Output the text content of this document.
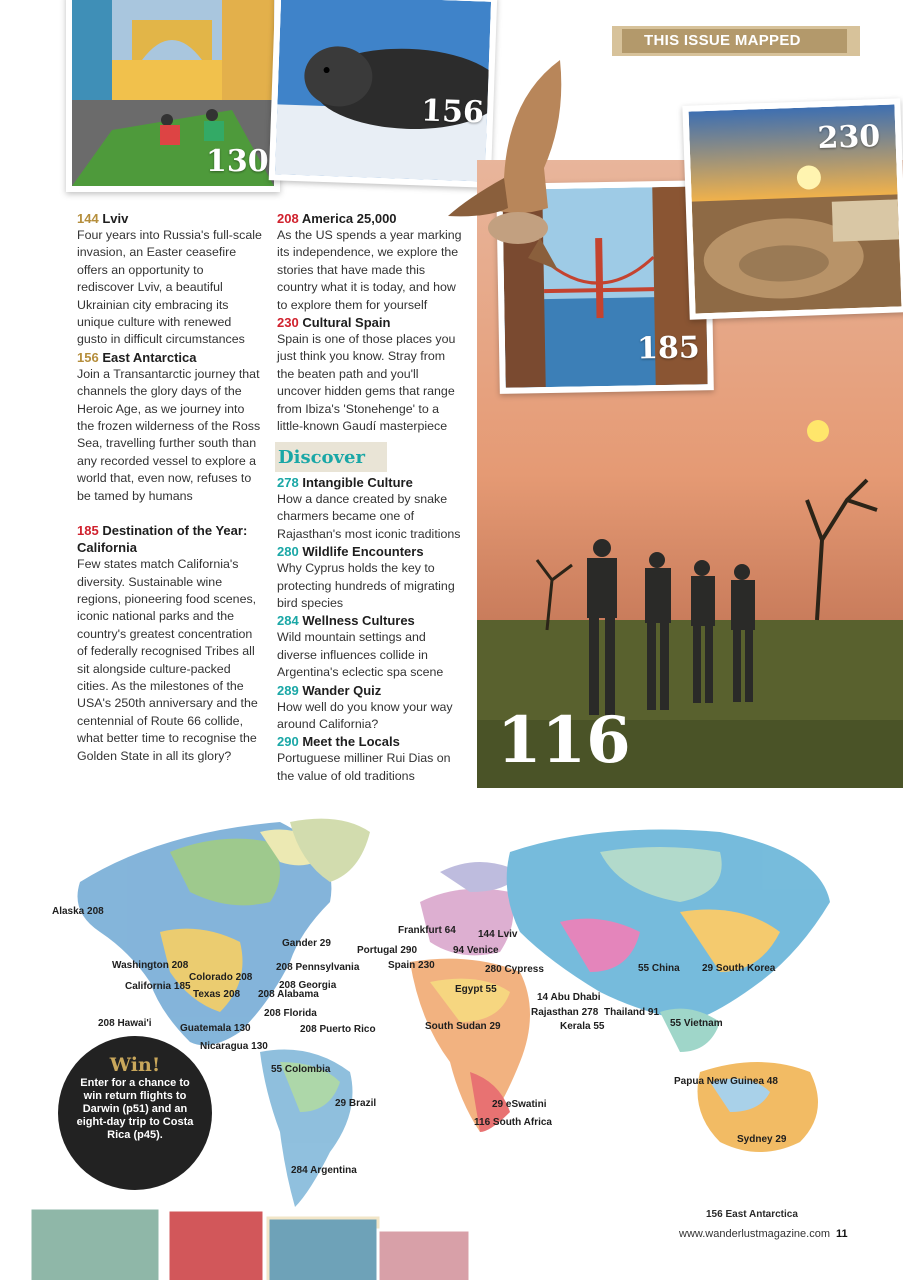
THIS ISSUE MAPPED
130
156
116
185
230
144 Lviv

Four years into Russia's full-scale invasion, an Easter ceasefire offers an opportunity to rediscover Lviv, a beautiful Ukrainian city embracing its unique culture with renewed gusto in difficult circumstances

156 East Antarctica

Join a Transantarctic journey that channels the glory days of the Heroic Age, as we journey into the frozen wilderness of the Ross Sea, travelling further south than any recorded vessel to explore a world that, even now, refuses to be tamed by humans

185 Destination of the Year: California

Few states match California's diversity. Sustainable wine regions, pioneering food scenes, iconic national parks and the country's greatest concentration of federally recognised Tribes all sit alongside culture-packed cities. As the milestones of the USA's 250th anniversary and the centennial of Route 66 collide, what better time to recognise the Golden State in all its glory?

208 America 25,000

As the US spends a year marking its independence, we explore the stories that have made this country what it is today, and how to explore them for yourself

230 Cultural Spain

Spain is one of those places you just think you know. Stray from the beaten path and you'll uncover hidden gems that range from Ibiza's 'Stonehenge' to a little-known Gaudí masterpiece

Discover
278 Intangible Culture

How a dance created by snake charmers became one of Rajasthan's most iconic traditions

280 Wildlife Encounters

Why Cyprus holds the key to protecting hundreds of migrating bird species

284 Wellness Cultures

Wild mountain settings and diverse influences collide in Argentina's eclectic spa scene

289 Wander Quiz

How well do you know your way around California?

290 Meet the Locals

Portuguese milliner Rui Dias on the value of old traditions

Alaska 208
Washington 208
California 185
Colorado 208
Texas 208
208 Hawai'i	Guatemala 130
Nicaragua 130
Gander 29
208 Pennsylvania
208 Georgia
208 Alabama
208 Florida
208 Puerto Rico
55 Colombia
29 Brazil
284 Argentina
Frankfurt 64
Portugal 290
Spain 230
144 Lviv
94 Venice
280 Cypress
Egypt 55
14 Abu Dhabi
Rajasthan 278
Kerala 55
South Sudan 29
29 eSwatini
116 South Africa
55 China 29 South Korea
Thailand 91
55 Vietnam
Papua New Guinea 48
Sydney 29
Win!
Enter for a chance to win return flights to Darwin (p51) and an eight-day trip to Costa Rica (p45).
156 East Antarctica
www.wanderlustmagazine.com 11
